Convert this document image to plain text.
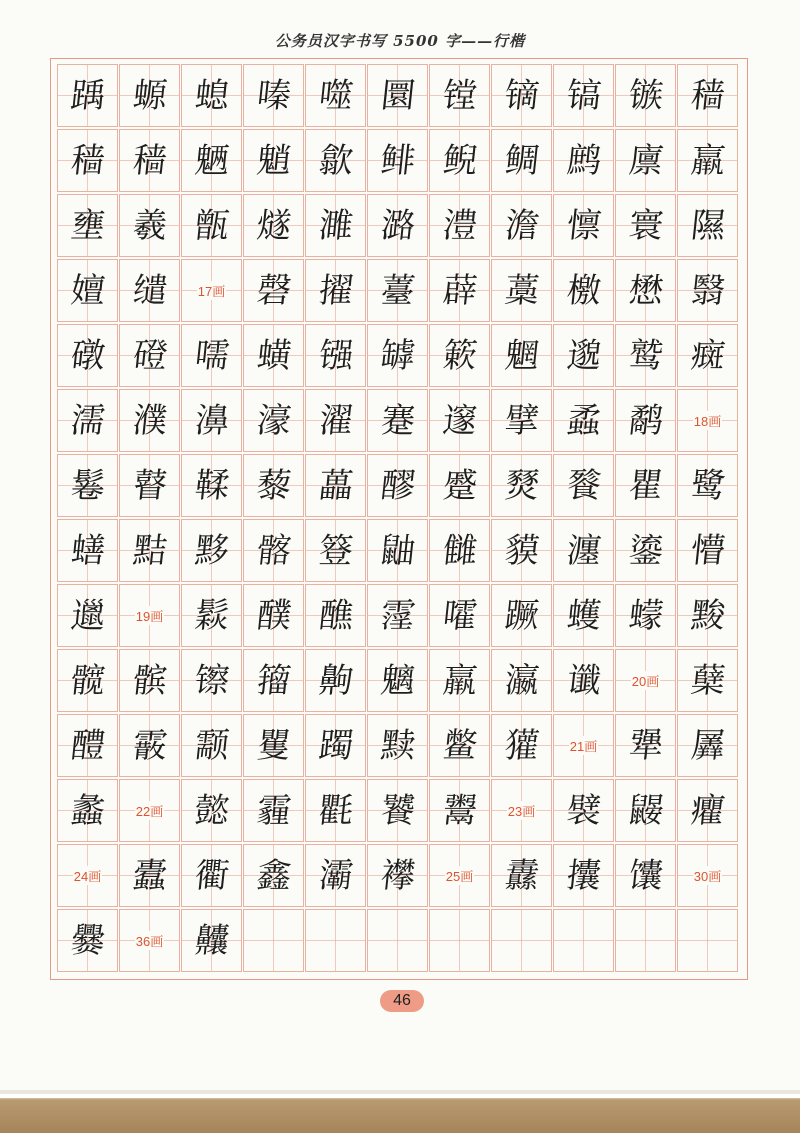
公务员汉字书写 5500 字——行楷
踽 螈 螅 嗪 噬 圜 镗 镝 镐 镞 穑
穑 穑 魉 魈 歙 鲱 鲵 鲷 鹧 廪 羸
壅 羲 甑 燧 濉 潞 澧 澹 懔 寰 隰
嬗 缱 17画 磬 擢 薹 薜 藁 檄 懋 翳
礅 磴 嚅 蟥 镪 罅 簌 魍 邈 鹫 癍
濡 濮 濞 濠 濯 蹇 邃 擘 蟊 鹬 18画
鬈 瞽 鞣 藜 藟 醪 蹙 燹 餮 瞿 鹭
蟮 黠 黟 髂 簦 鼬 雠 貘 瀍 鎏 懵
邋 19画 鬏 醭 醮 霪 嚯 蹶 蠖 蠓 黢
髋 髌 镲 籀 齁 魑 羸 瀛 谶 20画 蘖
醴 霰 颥 矍 躅 黩 鳖 獾 21画 犟 羼
蠡 22画 懿 霾 氍 饕 鬻 23画 襞 鼹 癯
24画 蠹 衢 鑫 灞 襻 25画 纛 攮 馕 30画
爨 36画 齉
46
